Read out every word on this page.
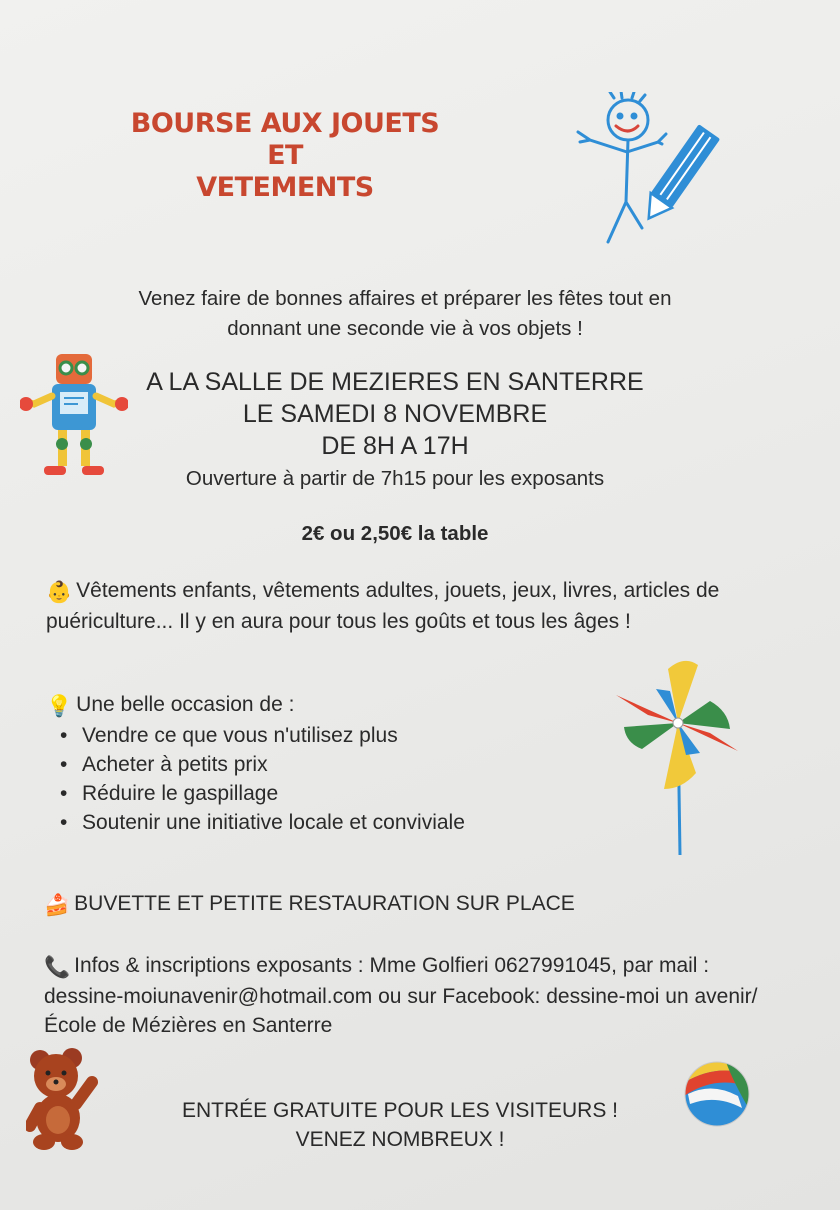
BOURSE AUX JOUETS
ET
VETEMENTS
Venez faire de bonnes affaires et préparer les fêtes tout en
donnant une seconde vie à vos objets !
A LA SALLE DE MEZIERES EN SANTERRE
LE SAMEDI 8 NOVEMBRE
DE 8H A 17H
Ouverture à partir de 7h15 pour les exposants
2€ ou 2,50€ la table
👶 Vêtements enfants, vêtements adultes, jouets, jeux, livres, articles de puériculture... Il y en aura pour tous les goûts et tous les âges !
💡 Une belle occasion de :
• Vendre ce que vous n'utilisez plus
• Acheter à petits prix
• Réduire le gaspillage
• Soutenir une initiative locale et conviviale
🍰 BUVETTE ET PETITE RESTAURATION SUR PLACE
📞 Infos & inscriptions exposants : Mme Golfieri 0627991045, par mail : dessine-moiunavenir@hotmail.com ou sur Facebook: dessine-moi un avenir/ École de Mézières en Santerre
ENTRÉE GRATUITE POUR LES VISITEURS !
VENEZ NOMBREUX !
